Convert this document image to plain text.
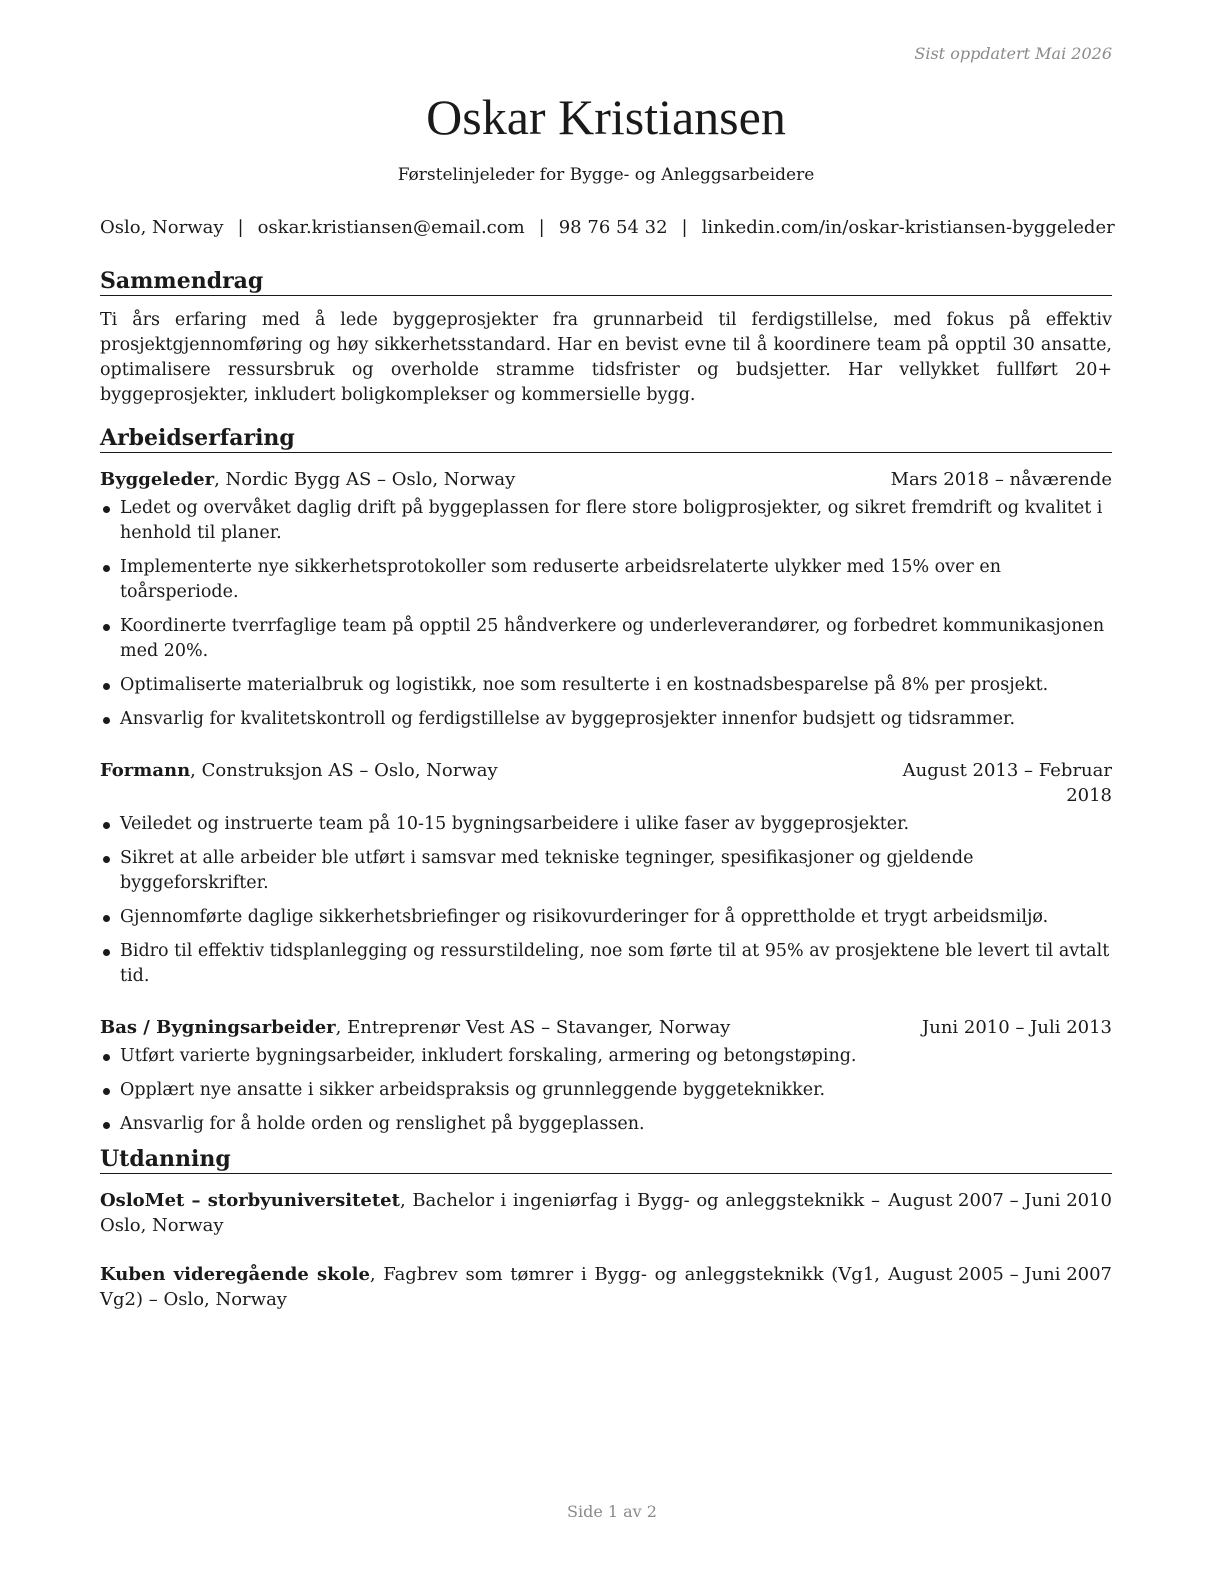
Sist oppdatert Mai 2026
Oskar Kristiansen
Førstelinjeleder for Bygge- og Anleggsarbeidere
Oslo, Norway | oskar.kristiansen@email.com | 98 76 54 32 | linkedin.com/in/oskar-kristiansen-byggeleder
Sammendrag
Ti års erfaring med å lede byggeprosjekter fra grunnarbeid til ferdigstillelse, med fokus på effektiv prosjektgjennomføring og høy sikkerhetsstandard. Har en bevist evne til å koordinere team på opptil 30 ansatte, optimalisere ressursbruk og overholde stramme tidsfrister og budsjetter. Har vellykket fullført 20+ byggeprosjekter, inkludert boligkomplekser og kommersielle bygg.
Arbeidserfaring
Byggeleder, Nordic Bygg AS – Oslo, Norway	Mars 2018 – nåværende
Ledet og overvåket daglig drift på byggeplassen for flere store boligprosjekter, og sikret fremdrift og kvalitet i henhold til planer.
Implementerte nye sikkerhetsprotokoller som reduserte arbeidsrelaterte ulykker med 15% over en toårsperiode.
Koordinerte tverrfaglige team på opptil 25 håndverkere og underleverandører, og forbedret kommunikasjonen med 20%.
Optimaliserte materialbruk og logistikk, noe som resulterte i en kostnadsbesparelse på 8% per prosjekt.
Ansvarlig for kvalitetskontroll og ferdigstillelse av byggeprosjekter innenfor budsjett og tidsrammer.
Formann, Construksjon AS – Oslo, Norway	August 2013 – Februar 2018
Veiledet og instruerte team på 10-15 bygningsarbeidere i ulike faser av byggeprosjekter.
Sikret at alle arbeider ble utført i samsvar med tekniske tegninger, spesifikasjoner og gjeldende byggeforskrifter.
Gjennomførte daglige sikkerhetsbriefinger og risikovurderinger for å opprettholde et trygt arbeidsmiljø.
Bidro til effektiv tidsplanlegging og ressurstildeling, noe som førte til at 95% av prosjektene ble levert til avtalt tid.
Bas / Bygningsarbeider, Entreprenør Vest AS – Stavanger, Norway	Juni 2010 – Juli 2013
Utført varierte bygningsarbeider, inkludert forskaling, armering og betongstøping.
Opplært nye ansatte i sikker arbeidspraksis og grunnleggende byggeteknikker.
Ansvarlig for å holde orden og renslighet på byggeplassen.
Utdanning
OsloMet – storbyuniversitetet, Bachelor i ingeniørfag i Bygg- og anleggsteknikk – Oslo, Norway
August 2007 – Juni 2010
Kuben videregående skole, Fagbrev som tømrer i Bygg- og anleggsteknikk (Vg1, Vg2) – Oslo, Norway
August 2005 – Juni 2007
Side 1 av 2
